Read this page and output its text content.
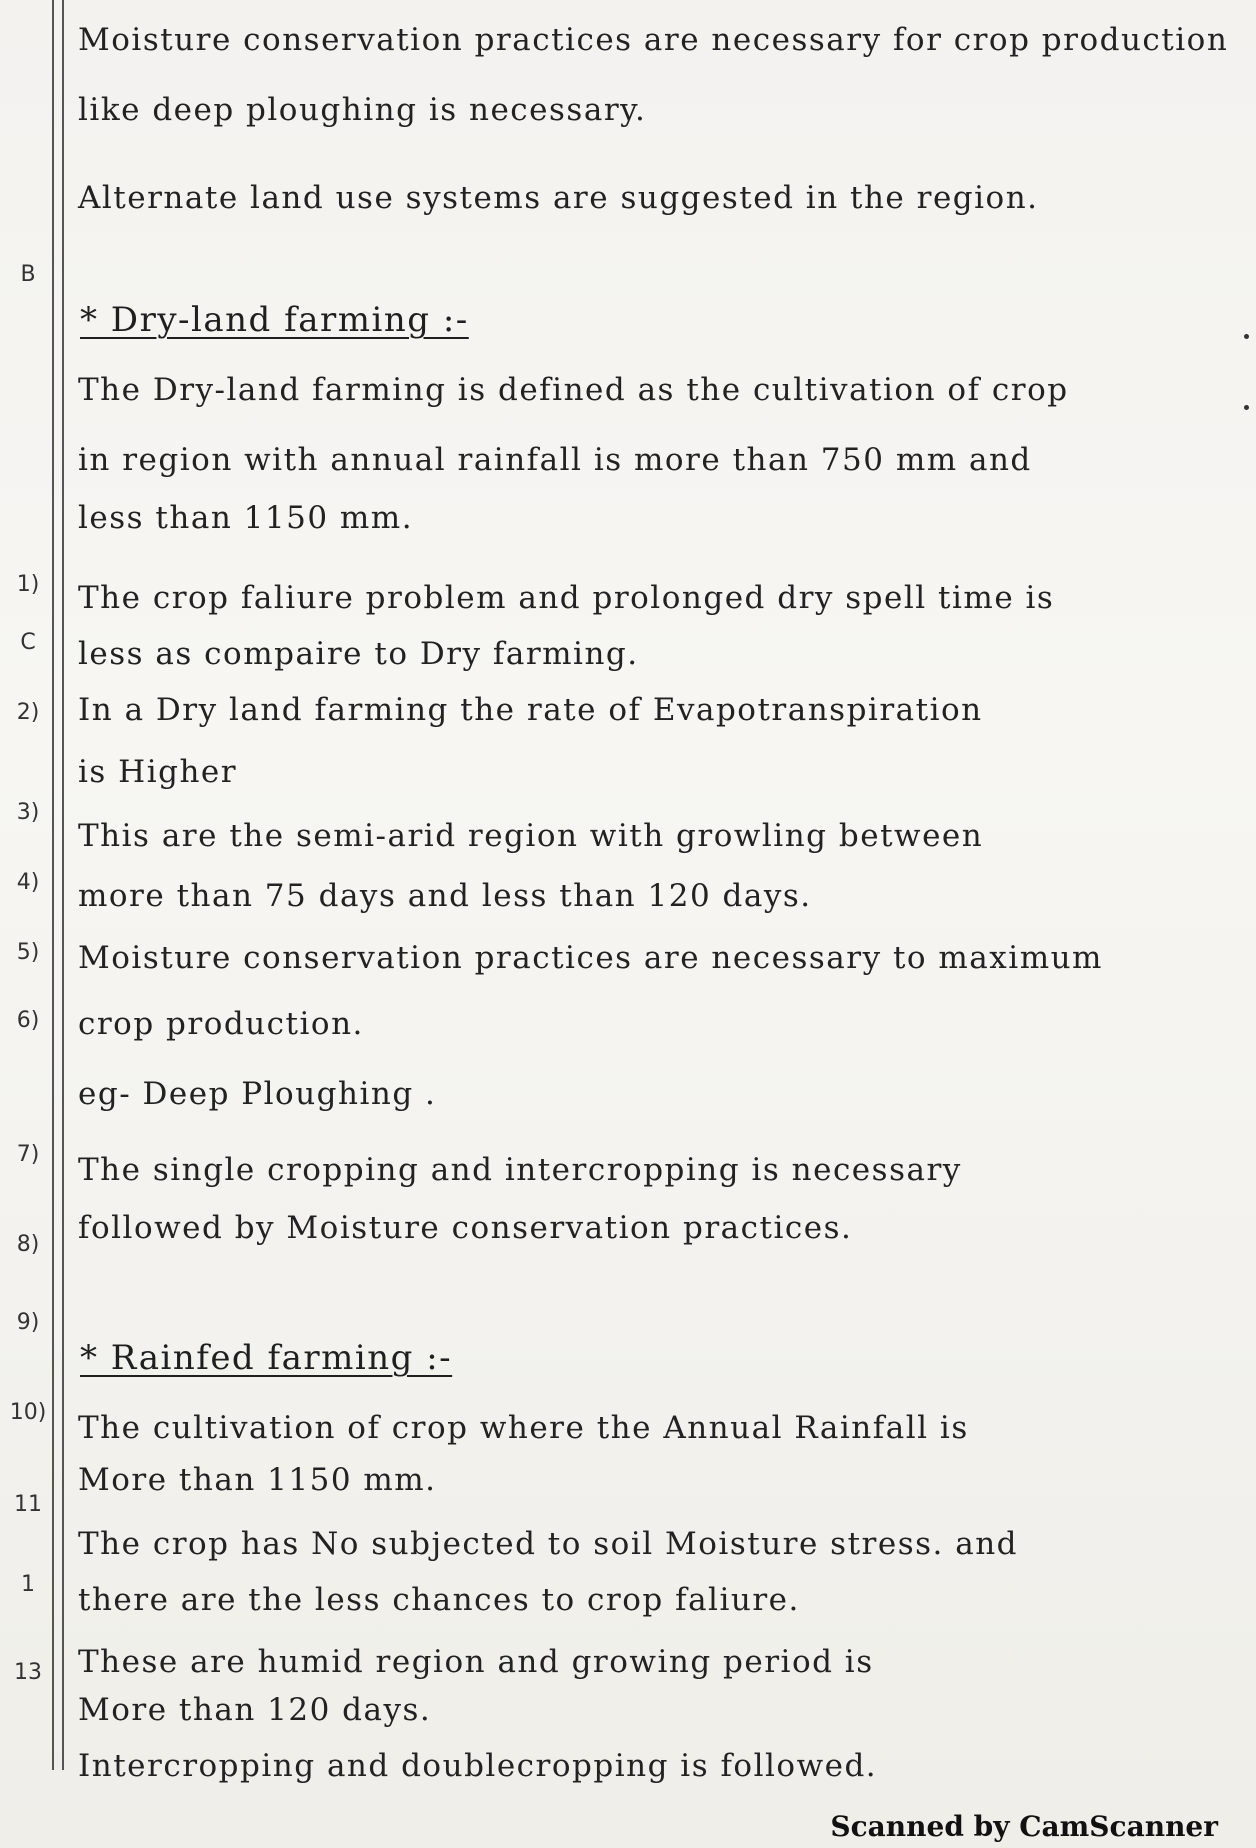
B
1)
C
2)
3)
4)
5)
6)
7)
8)
9)
10)
11
1
13
Moisture conservation practices are necessary for crop production
like deep ploughing is necessary.
Alternate land use systems are suggested in the region.
* Dry-land farming :-
The Dry-land farming is defined as the cultivation of crop
in region with annual rainfall is more than 750 mm and
less than 1150 mm.
The crop faliure problem and prolonged dry spell time is
less as compaire to Dry farming.
In a Dry land farming the rate of Evapotranspiration
is Higher
This are the semi-arid region with growling between
more than 75 days and less than 120 days.
Moisture conservation practices are necessary to maximum
crop production.
eg- Deep Ploughing .
The single cropping and intercropping is necessary
followed by Moisture conservation practices.
* Rainfed farming :-
The cultivation of crop where the Annual Rainfall is
More than 1150 mm.
The crop has No subjected to soil Moisture stress. and
there are the less chances to crop faliure.
These are humid region and growing period is
More than 120 days.
Intercropping and doublecropping is followed.
Scanned by CamScanner
